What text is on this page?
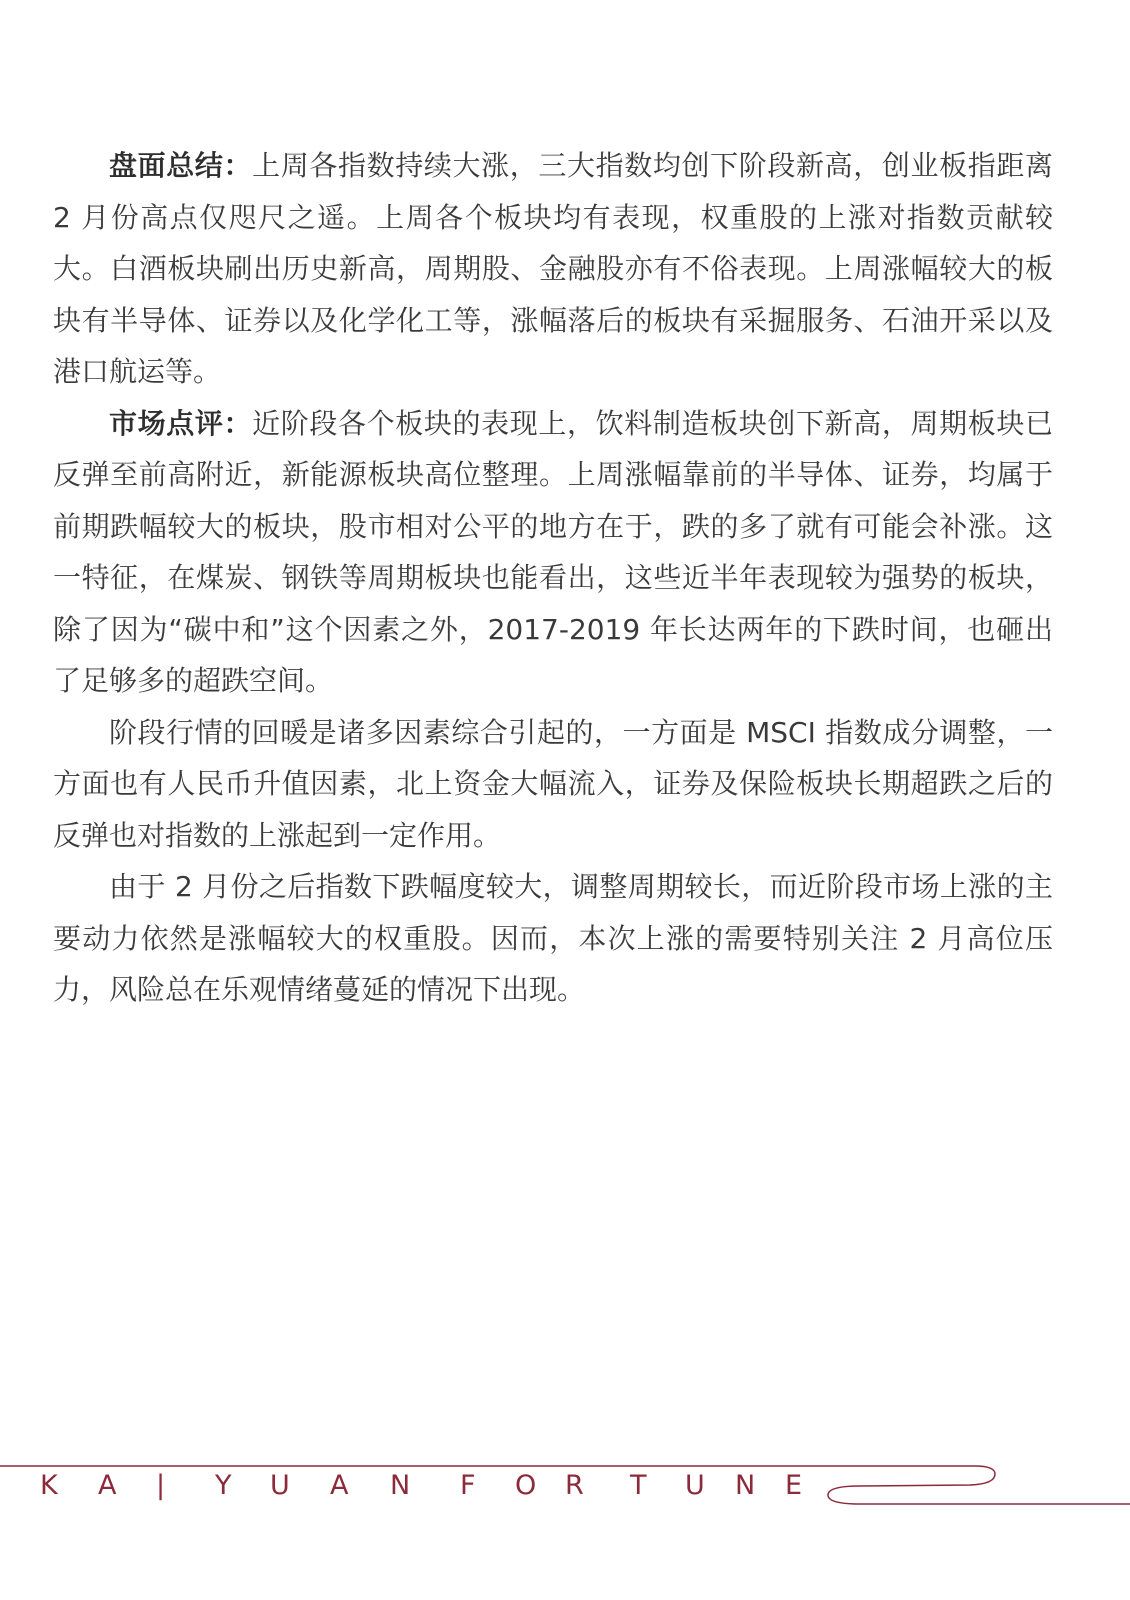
盘面总结：上周各指数持续大涨，三大指数均创下阶段新高，创业板指距离 2 月份高点仅咫尺之遥。上周各个板块均有表现，权重股的上涨对指数贡献较大。白酒板块刷出历史新高，周期股、金融股亦有不俗表现。上周涨幅较大的板块有半导体、证券以及化学化工等，涨幅落后的板块有采掘服务、石油开采以及港口航运等。

市场点评：近阶段各个板块的表现上，饮料制造板块创下新高，周期板块已反弹至前高附近，新能源板块高位整理。上周涨幅靠前的半导体、证券，均属于前期跌幅较大的板块，股市相对公平的地方在于，跌的多了就有可能会补涨。这一特征，在煤炭、钢铁等周期板块也能看出，这些近半年表现较为强势的板块，除了因为“碳中和”这个因素之外，2017-2019 年长达两年的下跌时间，也砸出了足够多的超跌空间。

阶段行情的回暖是诸多因素综合引起的，一方面是 MSCI 指数成分调整，一方面也有人民币升值因素，北上资金大幅流入，证券及保险板块长期超跌之后的反弹也对指数的上涨起到一定作用。

由于 2 月份之后指数下跌幅度较大，调整周期较长，而近阶段市场上涨的主要动力依然是涨幅较大的权重股。因而，本次上涨的需要特别关注 2 月高位压力，风险总在乐观情绪蔓延的情况下出现。

K A | Y U A N F O R T U N E
